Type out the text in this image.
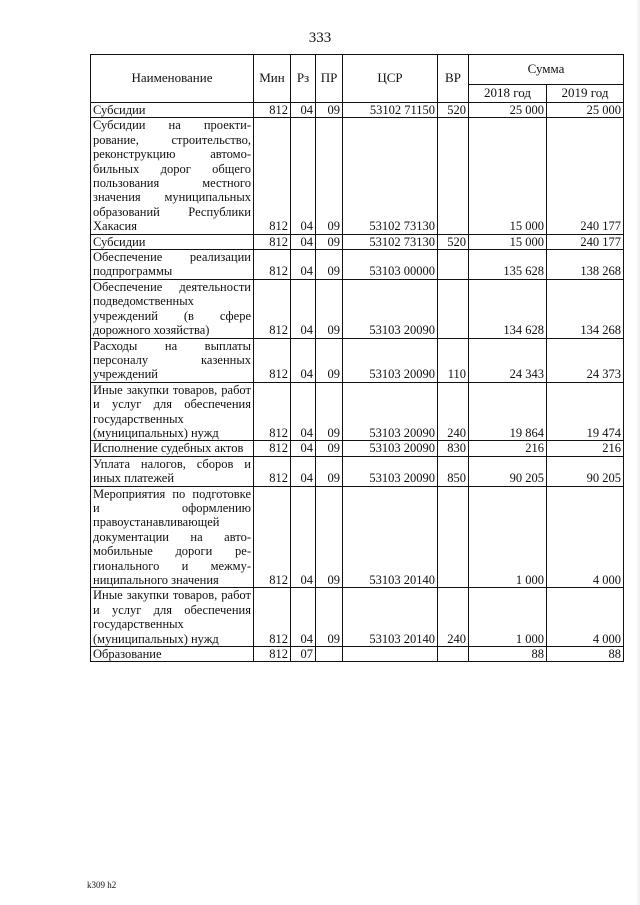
333
Наименование	Мин	Рз	ПР	ЦСР	ВР	Сумма	
						2018 год	2019 год
Субсидии	812	04	09	53102 71150	520	25 000	25 000
Субсидии на проектирование, строительство, реконструкцию автомобильных дорог общего пользования местного значения муниципальных образований Республики Хакасия	812	04	09	53102 73130		15 000	240 177
Субсидии	812	04	09	53102 73130	520	15 000	240 177
Обеспечение реализации подпрограммы	812	04	09	53103 00000		135 628	138 268
Обеспечение деятельности подведомственных учреждений (в сфере дорожного хозяйства)	812	04	09	53103 20090		134 628	134 268
Расходы на выплаты персоналу казенных учреждений	812	04	09	53103 20090	110	24 343	24 373
Иные закупки товаров, работ и услуг для обеспечения государственных (муниципальных) нужд	812	04	09	53103 20090	240	19 864	19 474
Исполнение судебных актов	812	04	09	53103 20090	830	216	216
Уплата налогов, сборов и иных платежей	812	04	09	53103 20090	850	90 205	90 205
Мероприятия по подготовке и оформлению правоустанавливающей документации на автомобильные дороги регионального и межмуниципального значения	812	04	09	53103 20140		1 000	4 000
Иные закупки товаров, работ и услуг для обеспечения государственных (муниципальных) нужд	812	04	09	53103 20140	240	1 000	4 000
Образование	812	07				88	88
k309 h2
